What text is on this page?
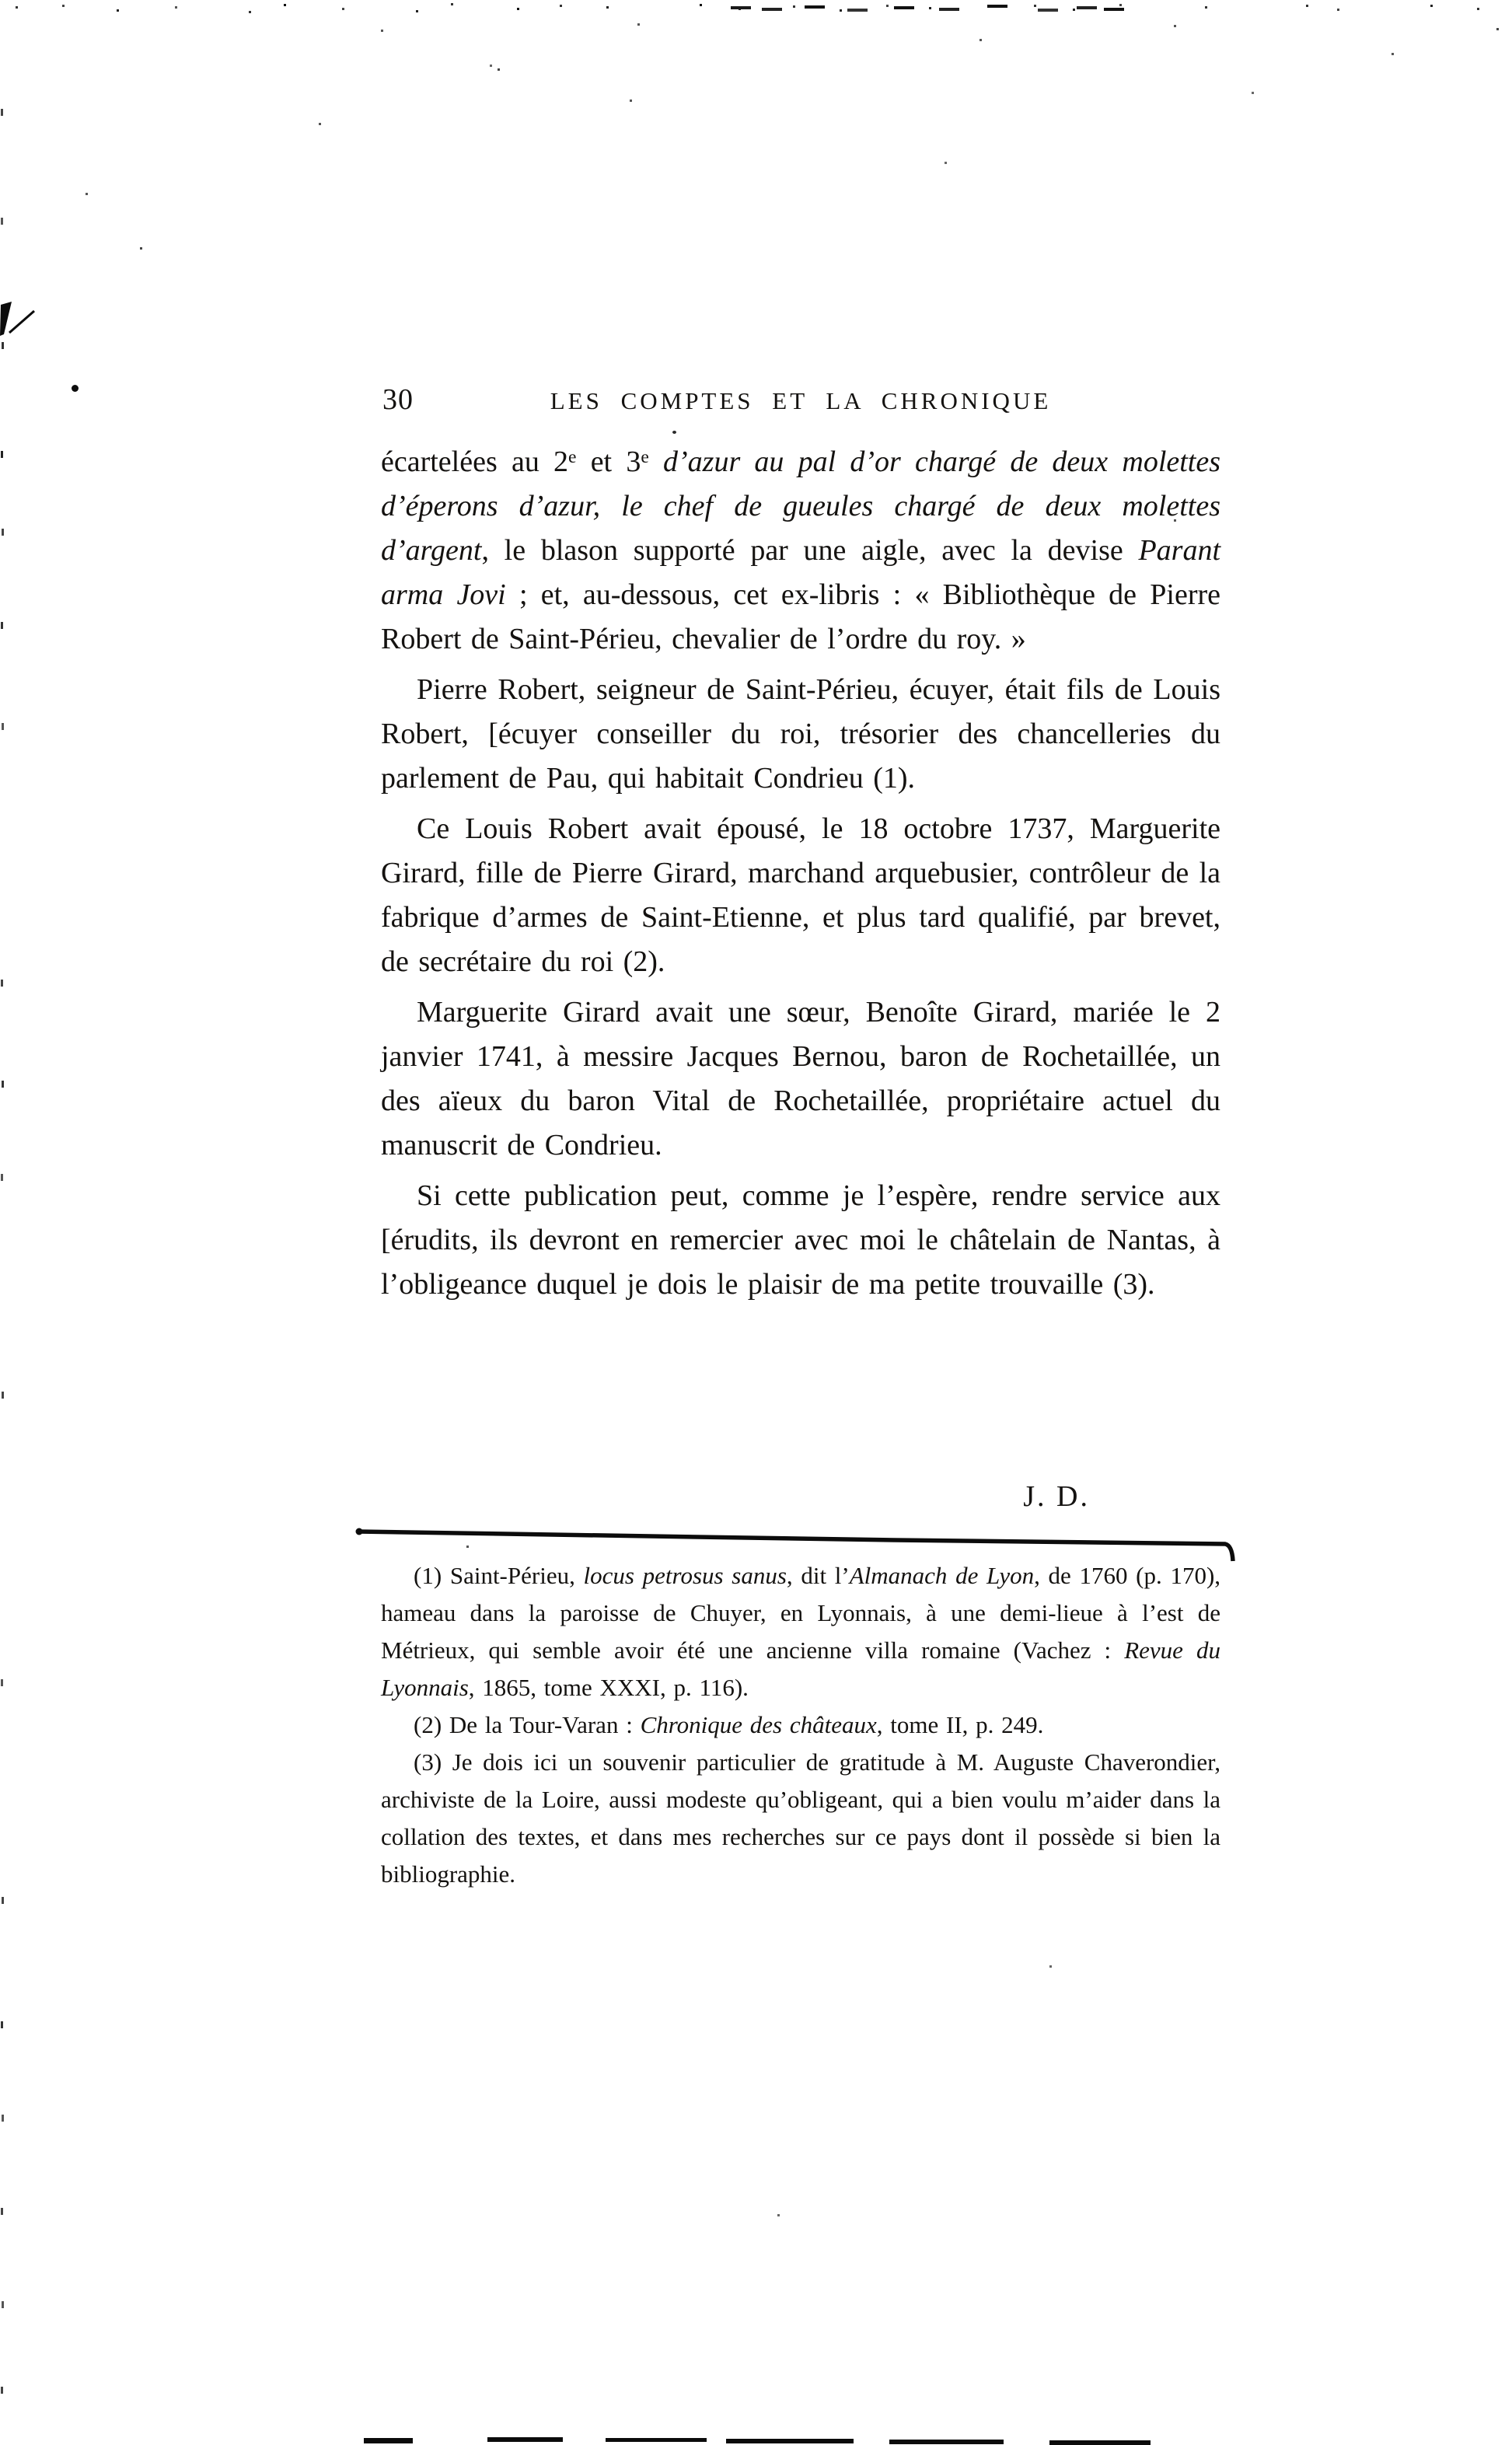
30	LES COMPTES ET LA CHRONIQUE

écartelées au 2e et 3e d’azur au pal d’or chargé de deux molettes d’éperons d’azur, le chef de gueules chargé de deux molettes d’argent, le blason supporté par une aigle, avec la devise Parant arma Jovi ; et, au-dessous, cet ex-libris : « Bibliothèque de Pierre Robert de Saint-Périeu, chevalier de l’ordre du roy. »

Pierre Robert, seigneur de Saint-Périeu, écuyer, était fils de Louis Robert, [écuyer conseiller du roi, trésorier des chancelleries du parlement de Pau, qui habitait Condrieu (1).

Ce Louis Robert avait épousé, le 18 octobre 1737, Marguerite Girard, fille de Pierre Girard, marchand arquebusier, contrôleur de la fabrique d’armes de Saint-Etienne, et plus tard qualifié, par brevet, de secrétaire du roi (2).

Marguerite Girard avait une sœur, Benoîte Girard, mariée le 2 janvier 1741, à messire Jacques Bernou, baron de Rochetaillée, un des aïeux du baron Vital de Rochetaillée, propriétaire actuel du manuscrit de Condrieu.

Si cette publication peut, comme je l’espère, rendre service aux [érudits, ils devront en remercier avec moi le châtelain de Nantas, à l’obligeance duquel je dois le plaisir de ma petite trouvaille (3).

J. D.

(1) Saint-Périeu, locus petrosus sanus, dit l’Almanach de Lyon, de 1760 (p. 170), hameau dans la paroisse de Chuyer, en Lyonnais, à une demi-lieue à l’est de Métrieux, qui semble avoir été une ancienne villa romaine (Vachez : Revue du Lyonnais, 1865, tome XXXI, p. 116).

(2) De la Tour-Varan : Chronique des châteaux, tome II, p. 249.

(3) Je dois ici un souvenir particulier de gratitude à M. Auguste Chaverondier, archiviste de la Loire, aussi modeste qu’obligeant, qui a bien voulu m’aider dans la collation des textes, et dans mes recherches sur ce pays dont il possède si bien la bibliographie.
